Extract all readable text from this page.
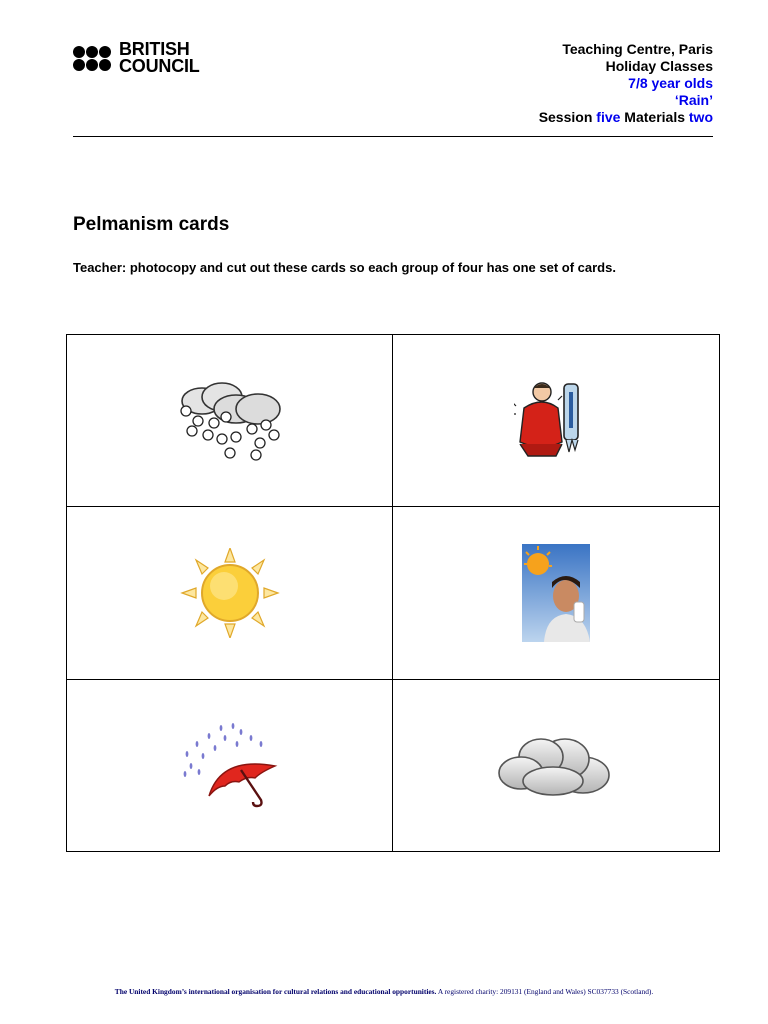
BRITISH
COUNCIL
Teaching Centre, Paris
Holiday Classes
7/8 year olds
‘Rain’
Session five Materials two
Pelmanism cards

Teacher: photocopy and cut out these cards so each group of four has one set of cards.

The United Kingdom’s international organisation for cultural relations and educational opportunities. A registered charity: 209131 (England and Wales) SC037733 (Scotland).
